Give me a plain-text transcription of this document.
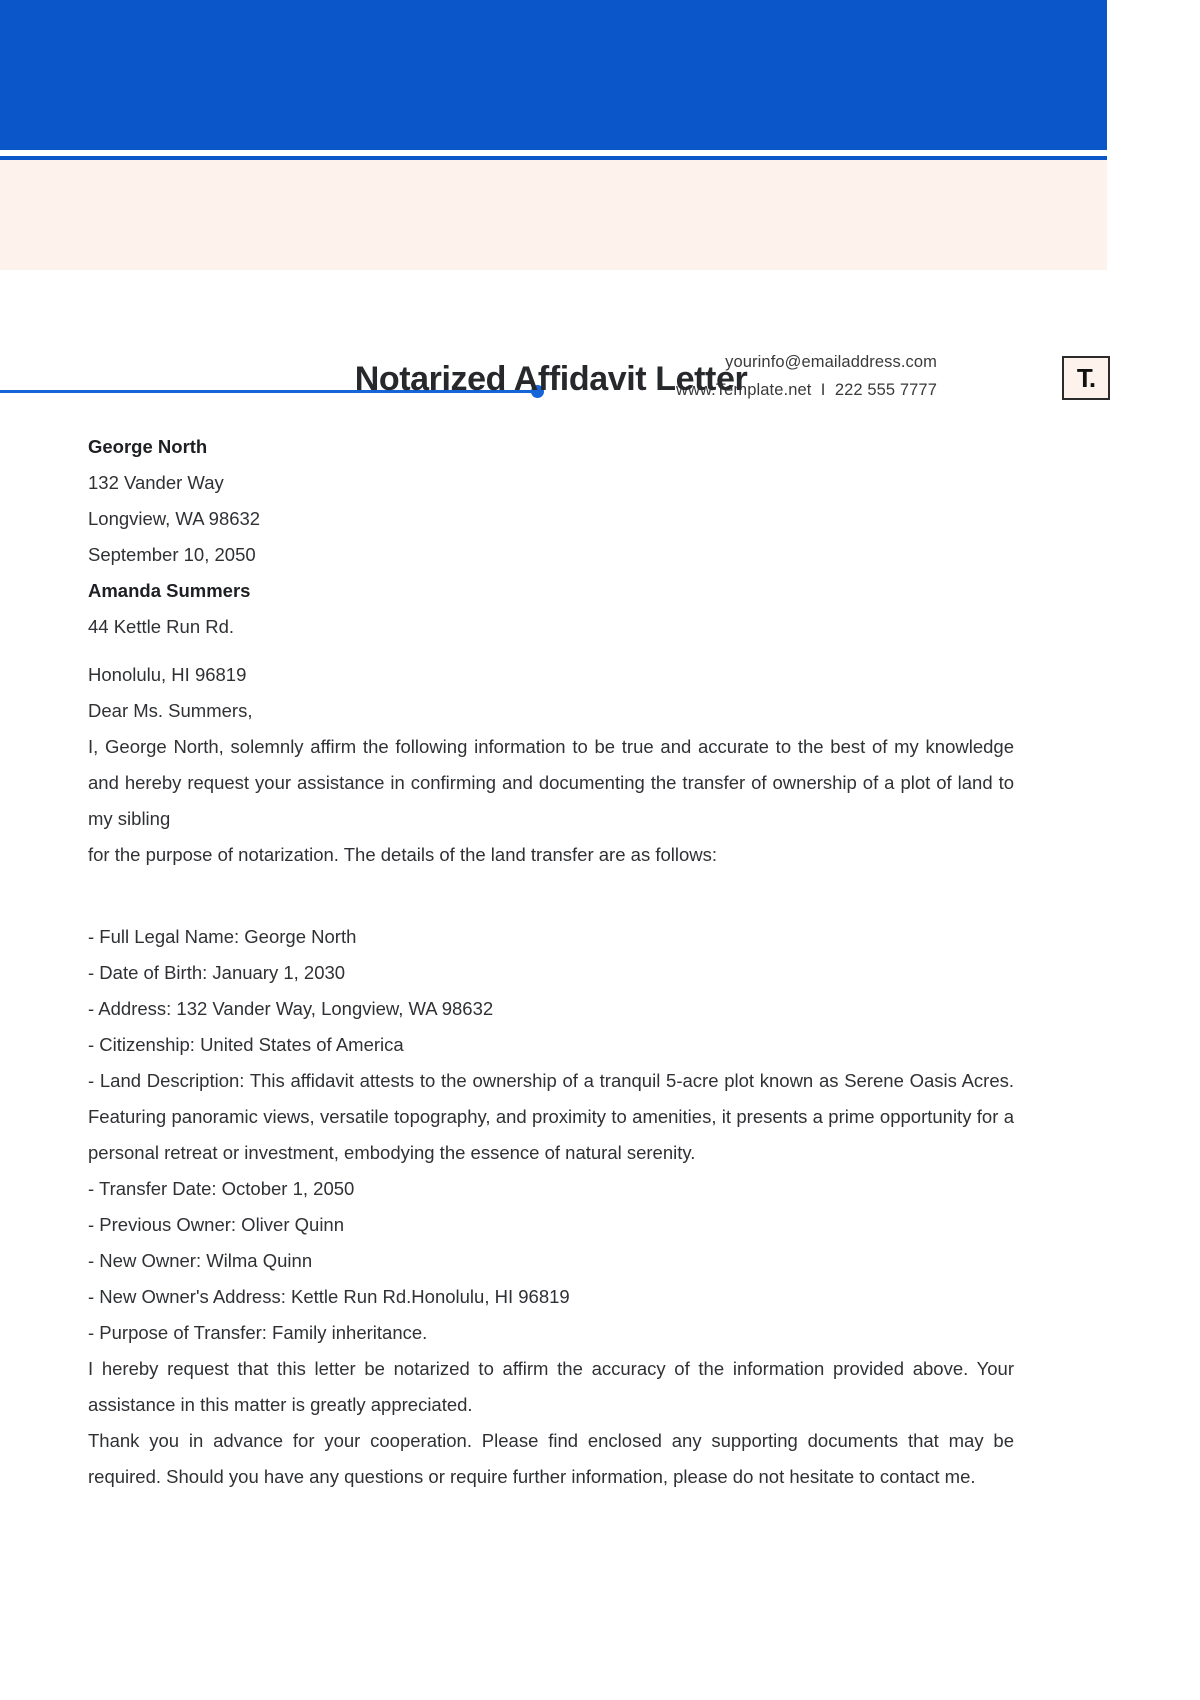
yourinfo@emailaddress.com
www.Template.net  I  222 555 7777	T.
Notarized Affidavit Letter
George North
132 Vander Way
Longview, WA 98632
September 10, 2050
Amanda Summers
44 Kettle Run Rd.
Honolulu, HI 96819
Dear Ms. Summers,
I, George North, solemnly affirm the following information to be true and accurate to the best of my knowledge and hereby request your assistance in confirming and documenting the transfer of ownership of a plot of land to my sibling
for the purpose of notarization. The details of the land transfer are as follows:
- Full Legal Name: George North
- Date of Birth: January 1, 2030
- Address: 132 Vander Way, Longview, WA 98632
- Citizenship: United States of America
- Land Description: This affidavit attests to the ownership of a tranquil 5-acre plot known as Serene Oasis Acres. Featuring panoramic views, versatile topography, and proximity to amenities, it presents a prime opportunity for a personal retreat or investment, embodying the essence of natural serenity.
- Transfer Date: October 1, 2050
- Previous Owner: Oliver Quinn
- New Owner: Wilma Quinn
- New Owner's Address: Kettle Run Rd.Honolulu, HI 96819
- Purpose of Transfer: Family inheritance.
I hereby request that this letter be notarized to affirm the accuracy of the information provided above. Your assistance in this matter is greatly appreciated.
Thank you in advance for your cooperation. Please find enclosed any supporting documents that may be required. Should you have any questions or require further information, please do not hesitate to contact me.
